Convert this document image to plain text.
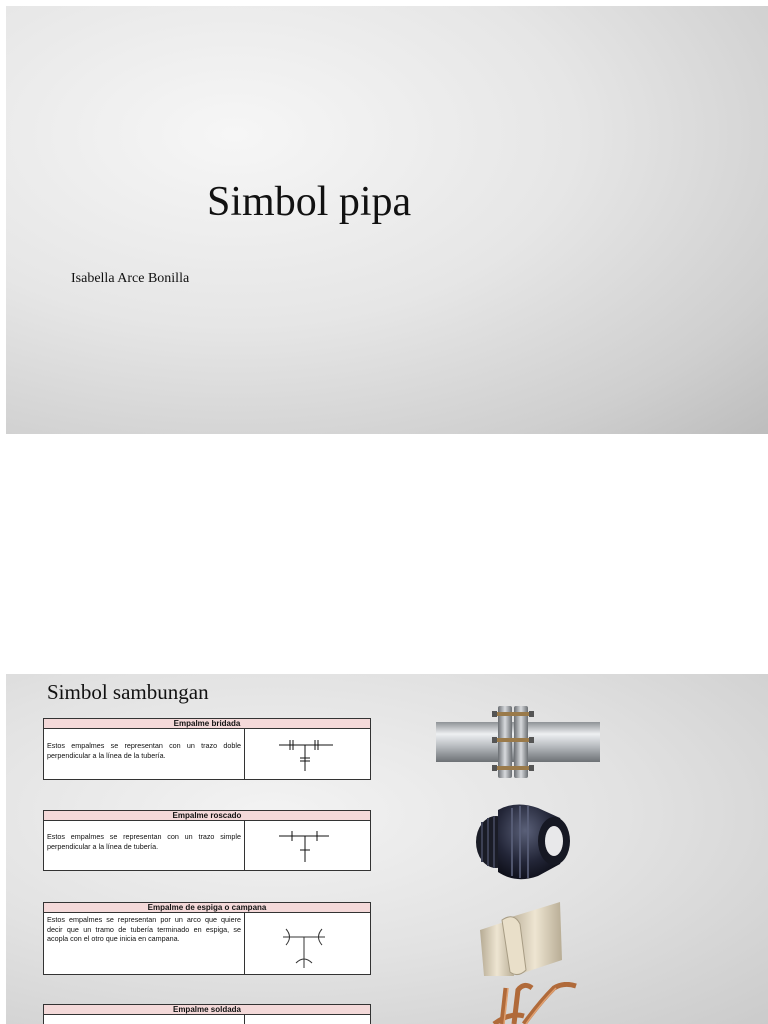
Simbol pipa
Isabella Arce Bonilla
Simbol sambungan
Empalme bridada
Estos empalmes se representan con un trazo doble perpendicular a la línea de la tubería.
Empalme roscado
Estos empalmes se representan con un trazo simple perpendicular a la línea de tubería.
Empalme de espiga o campana
Estos empalmes se representan por un arco que quiere decir que un tramo de tubería terminado en espiga, se acopla con el otro que inicia en campana.
Empalme soldada
